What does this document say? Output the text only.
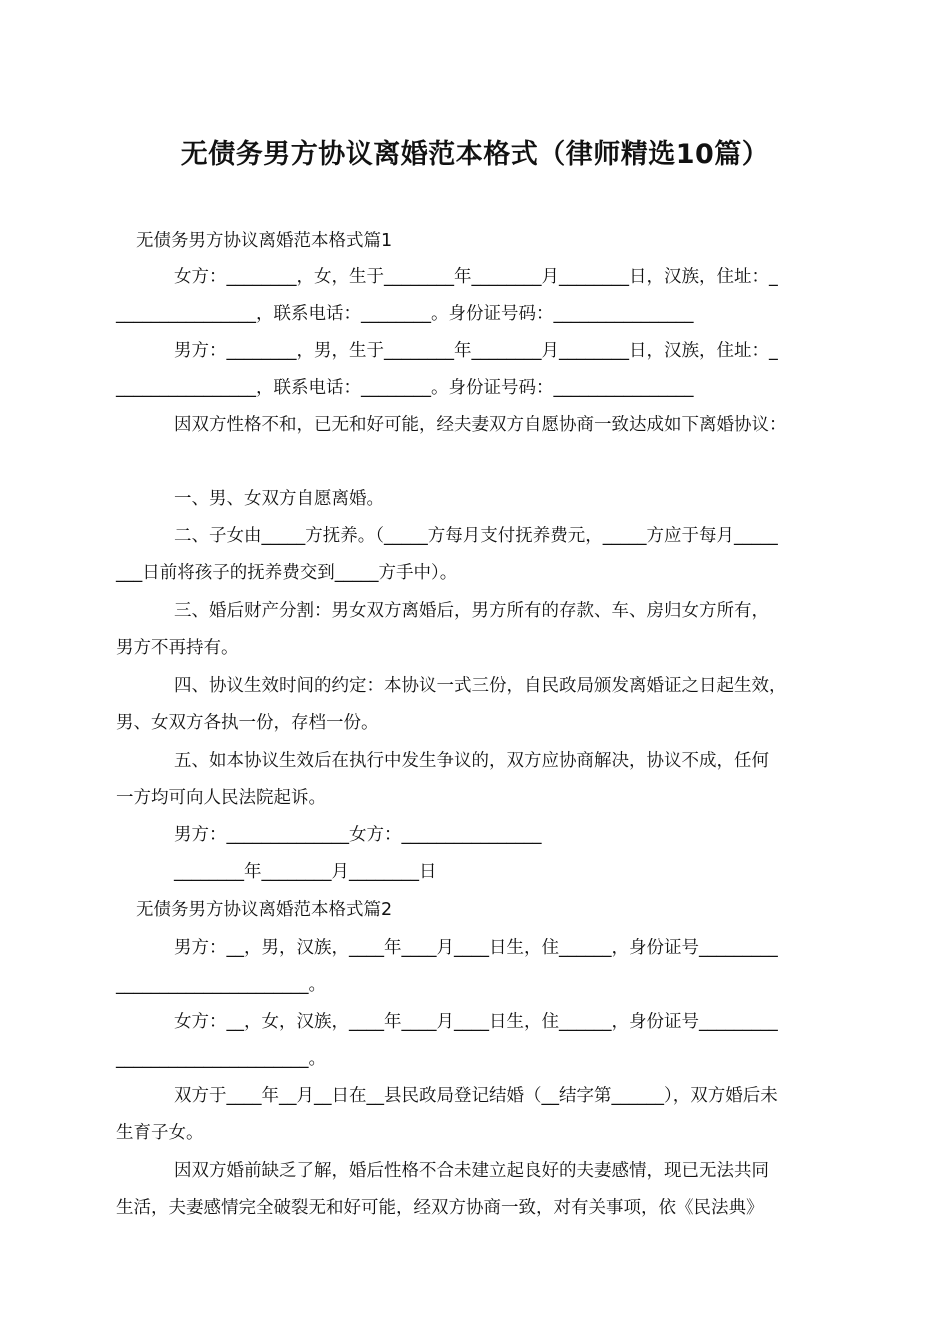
无债务男方协议离婚范本格式（律师精选10篇）
无债务男方协议离婚范本格式篇1
女方：________，女，生于________年________月________日，汉族，住址：_
________________，联系电话：________。身份证号码：________________
男方：________，男，生于________年________月________日，汉族，住址：_
________________，联系电话：________。身份证号码：________________
因双方性格不和，已无和好可能，经夫妻双方自愿协商一致达成如下离婚协议：
一、男、女双方自愿离婚。
二、子女由_____方抚养。（_____方每月支付抚养费元，_____方应于每月_____
___日前将孩子的抚养费交到_____方手中）。
三、婚后财产分割：男女双方离婚后，男方所有的存款、车、房归女方所有，
男方不再持有。
四、协议生效时间的约定：本协议一式三份，自民政局颁发离婚证之日起生效，
男、女双方各执一份，存档一份。
五、如本协议生效后在执行中发生争议的，双方应协商解决，协议不成，任何
一方均可向人民法院起诉。
男方：______________女方：________________
________年________月________日
无债务男方协议离婚范本格式篇2
男方：__，男，汉族，____年____月____日生，住______，身份证号_________
______________________。
女方：__，女，汉族，____年____月____日生，住______，身份证号_________
______________________。
双方于____年__月__日在__县民政局登记结婚（__结字第______），双方婚后未
生育子女。
因双方婚前缺乏了解，婚后性格不合未建立起良好的夫妻感情，现已无法共同
生活，夫妻感情完全破裂无和好可能，经双方协商一致，对有关事项，依《民法典》
